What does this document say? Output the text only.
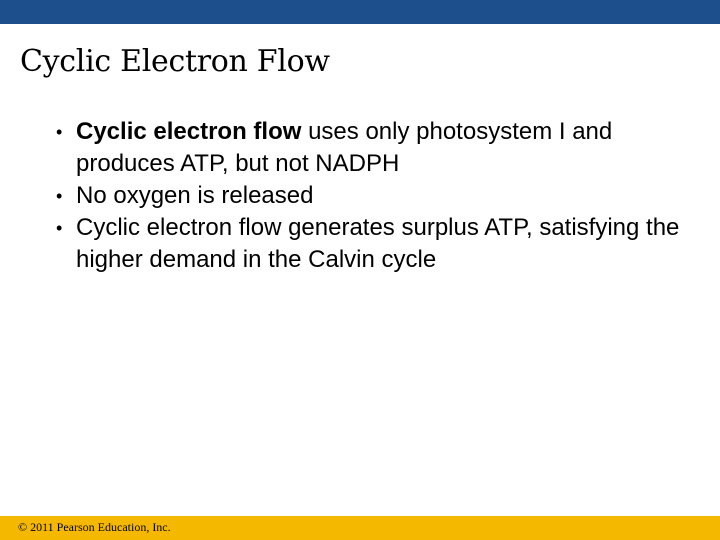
Cyclic Electron Flow
• Cyclic electron flow uses only photosystem I and produces ATP, but not NADPH
• No oxygen is released
• Cyclic electron flow generates surplus ATP, satisfying the higher demand in the Calvin cycle
© 2011 Pearson Education, Inc.
